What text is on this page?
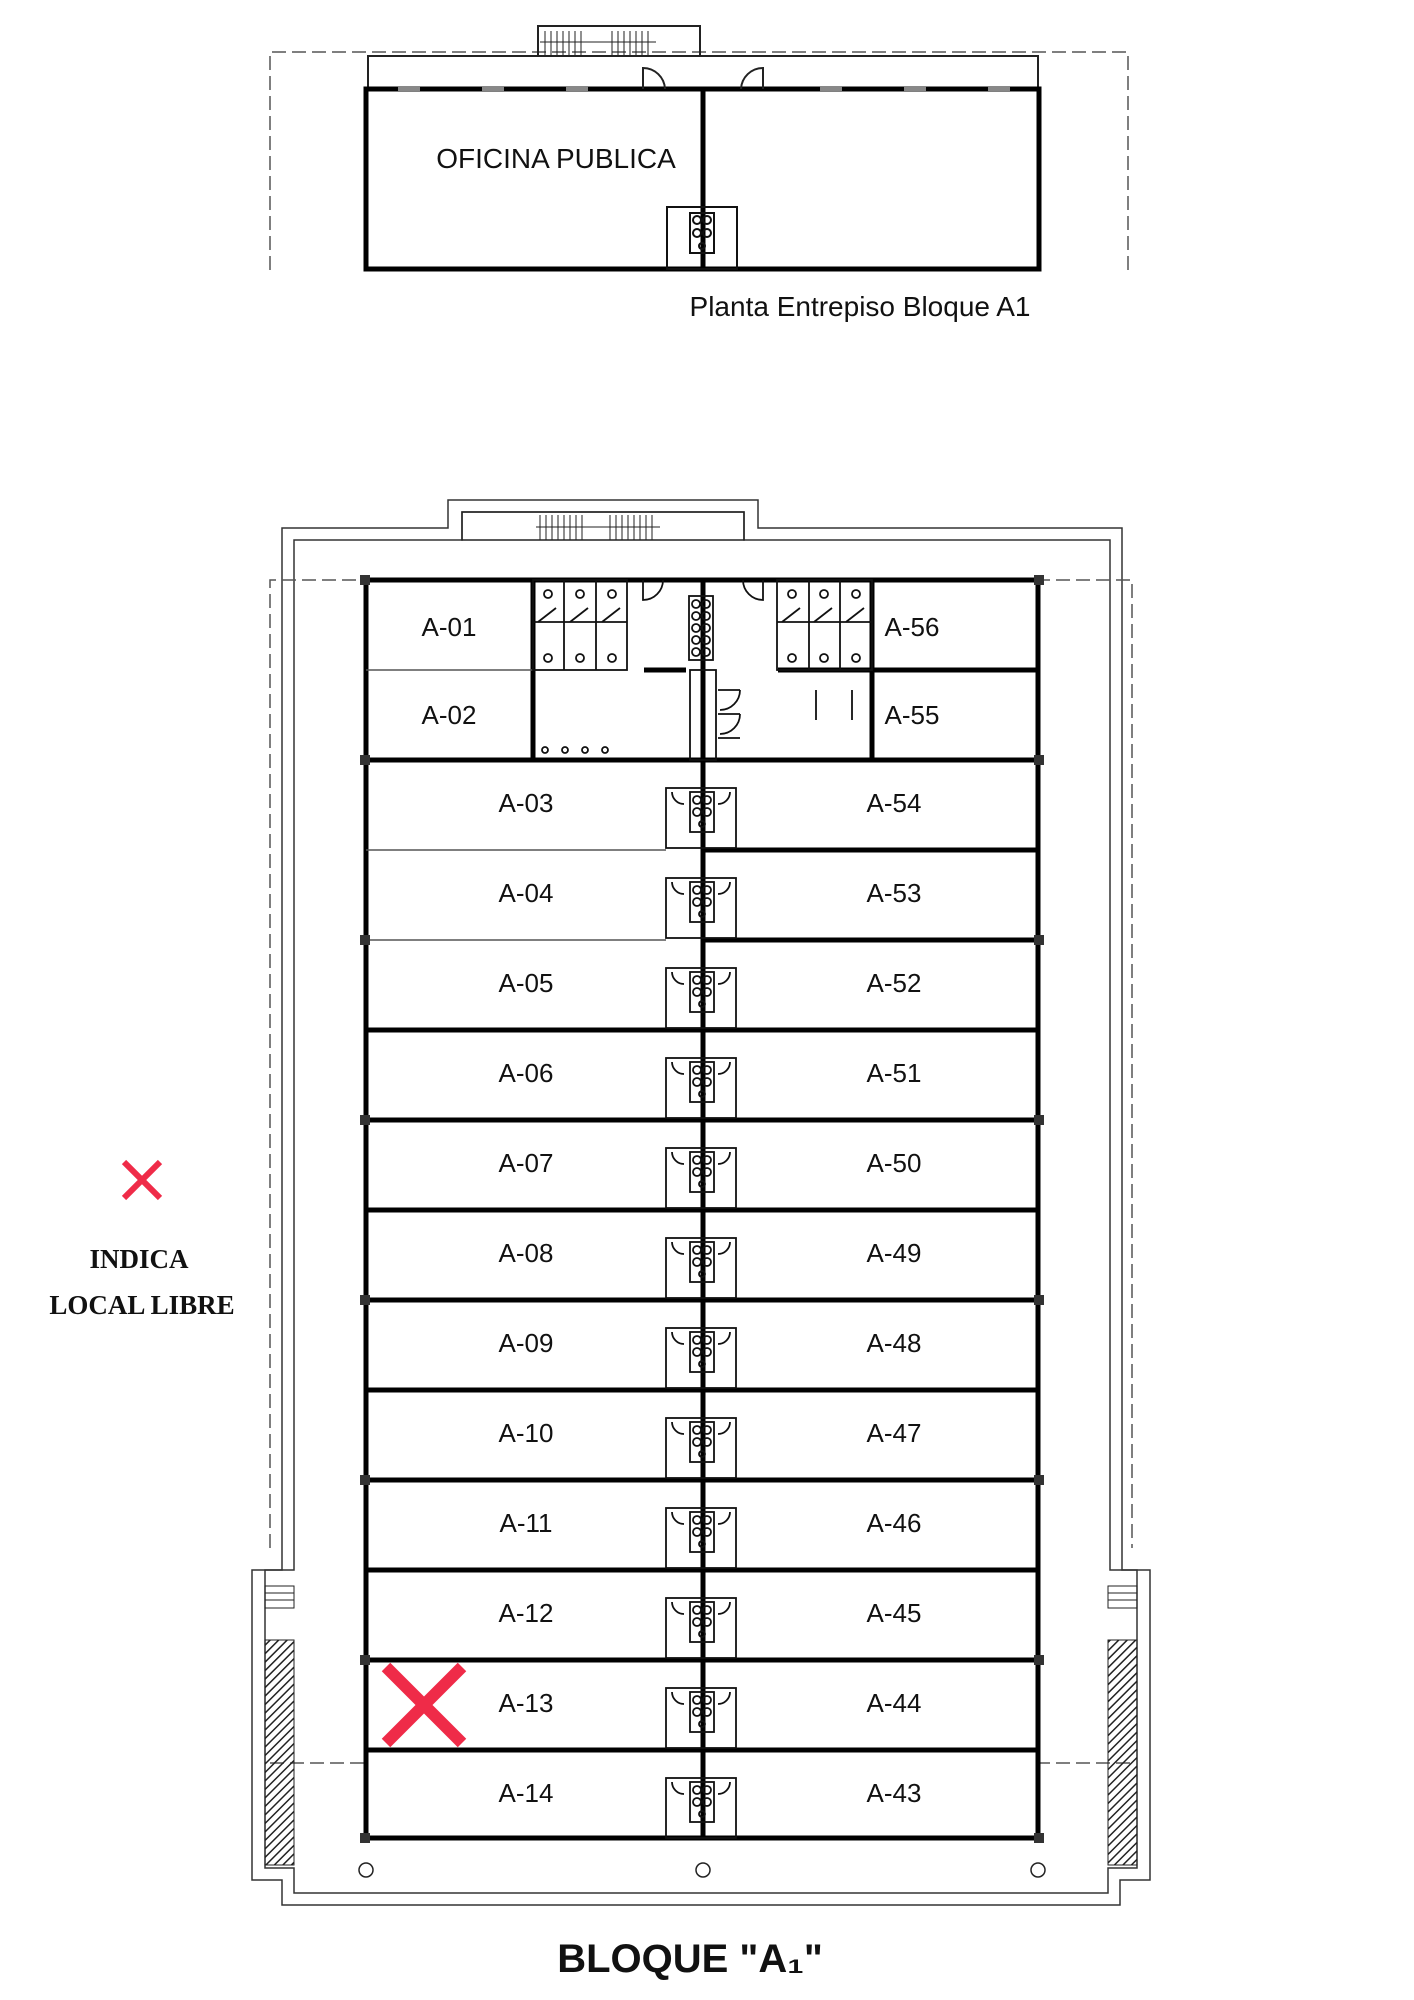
OFICINA PUBLICA
Planta Entrepiso Bloque A1
A-01
A-02
A-56
A-55
A-03
A-04
A-05
A-06
A-07
A-08
A-09
A-10
A-11
A-12
A-13
A-14
A-54
A-53
A-52
A-51
A-50
A-49
A-48
A-47
A-46
A-45
A-44
A-43
INDICA
LOCAL LIBRE
BLOQUE "A₁"
